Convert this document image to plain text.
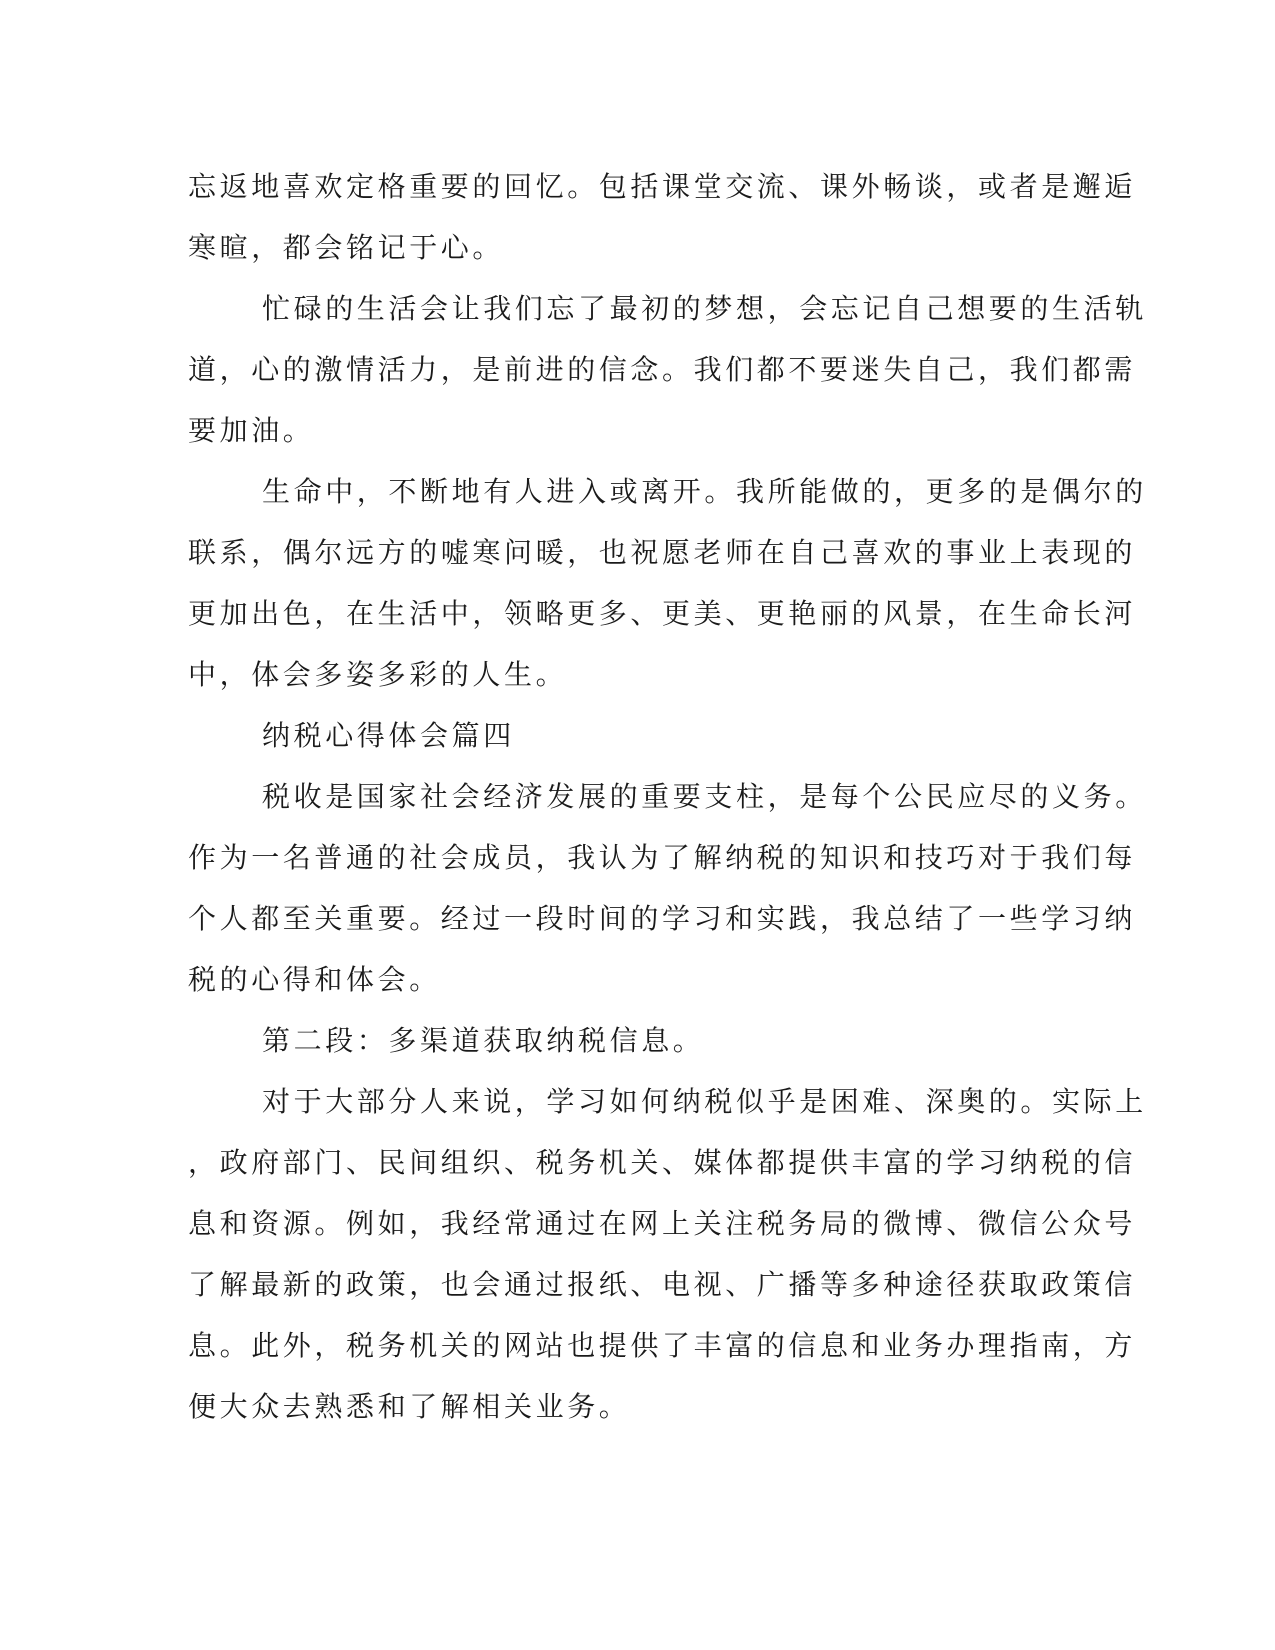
忘返地喜欢定格重要的回忆。包括课堂交流、课外畅谈，或者是邂逅
寒暄，都会铭记于心。
忙碌的生活会让我们忘了最初的梦想，会忘记自己想要的生活轨
道，心的激情活力，是前进的信念。我们都不要迷失自己，我们都需
要加油。
生命中，不断地有人进入或离开。我所能做的，更多的是偶尔的
联系，偶尔远方的嘘寒问暖，也祝愿老师在自己喜欢的事业上表现的
更加出色，在生活中，领略更多、更美、更艳丽的风景，在生命长河
中，体会多姿多彩的人生。
纳税心得体会篇四
税收是国家社会经济发展的重要支柱，是每个公民应尽的义务。
作为一名普通的社会成员，我认为了解纳税的知识和技巧对于我们每
个人都至关重要。经过一段时间的学习和实践，我总结了一些学习纳
税的心得和体会。
第二段：多渠道获取纳税信息。
对于大部分人来说，学习如何纳税似乎是困难、深奥的。实际上
，政府部门、民间组织、税务机关、媒体都提供丰富的学习纳税的信
息和资源。例如，我经常通过在网上关注税务局的微博、微信公众号
了解最新的政策，也会通过报纸、电视、广播等多种途径获取政策信
息。此外，税务机关的网站也提供了丰富的信息和业务办理指南，方
便大众去熟悉和了解相关业务。
